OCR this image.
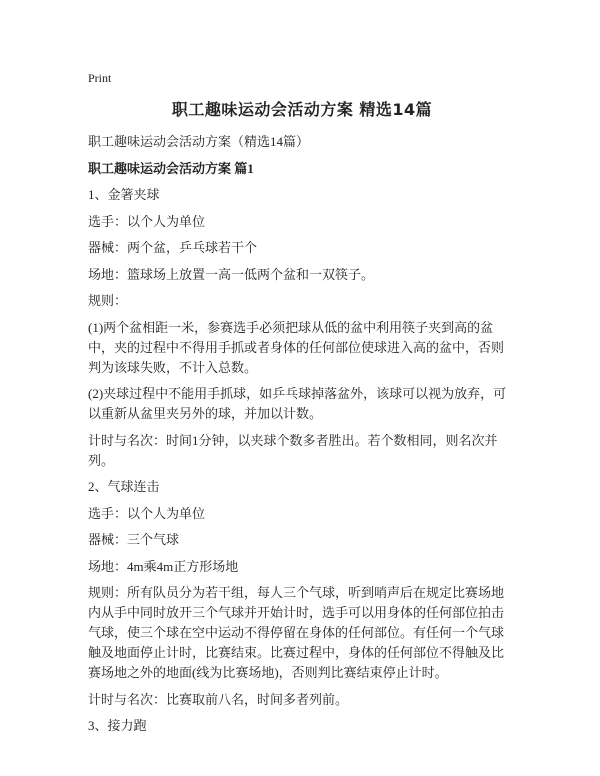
Print
职工趣味运动会活动方案 精选14篇

职工趣味运动会活动方案（精选14篇）

职工趣味运动会活动方案 篇1

1、金箸夹球

选手：以个人为单位

器械：两个盆，乒乓球若干个

场地：篮球场上放置一高一低两个盆和一双筷子。

规则：

(1)两个盆相距一米，参赛选手必须把球从低的盆中利用筷子夹到高的盆中，夹的过程中不得用手抓或者身体的任何部位使球进入高的盆中，否则判为该球失败，不计入总数。

(2)夹球过程中不能用手抓球，如乒乓球掉落盆外，该球可以视为放弃，可以重新从盆里夹另外的球，并加以计数。

计时与名次：时间1分钟，以夹球个数多者胜出。若个数相同，则名次并列。

2、气球连击

选手：以个人为单位

器械：三个气球

场地：4m乘4m正方形场地

规则：所有队员分为若干组，每人三个气球，听到哨声后在规定比赛场地内从手中同时放开三个气球并开始计时，选手可以用身体的任何部位拍击气球，使三个球在空中运动不得停留在身体的任何部位。有任何一个气球触及地面停止计时，比赛结束。比赛过程中，身体的任何部位不得触及比赛场地之外的地面(线为比赛场地)，否则判比赛结束停止计时。

计时与名次：比赛取前八名，时间多者列前。

3、接力跑
